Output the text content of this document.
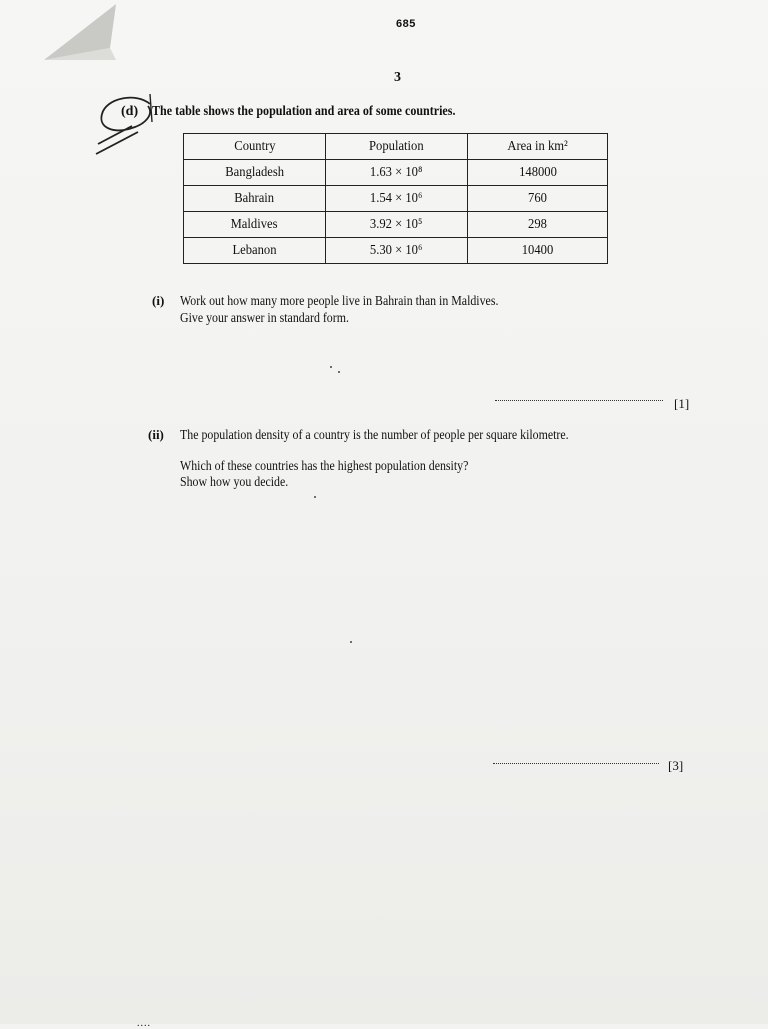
685
3
(d) The table shows the population and area of some countries.
Country	Population	Area in km²
Bangladesh	1.63 × 10⁸	148000
Bahrain	1.54 × 10⁶	760
Maldives	3.92 × 10⁵	298
Lebanon	5.30 × 10⁶	10400
(i) Work out how many more people live in Bahrain than in Maldives.
Give your answer in standard form.
[1]
(ii) The population density of a country is the number of people per square kilometre.
Which of these countries has the highest population density?
Show how you decide.
[3]
....
